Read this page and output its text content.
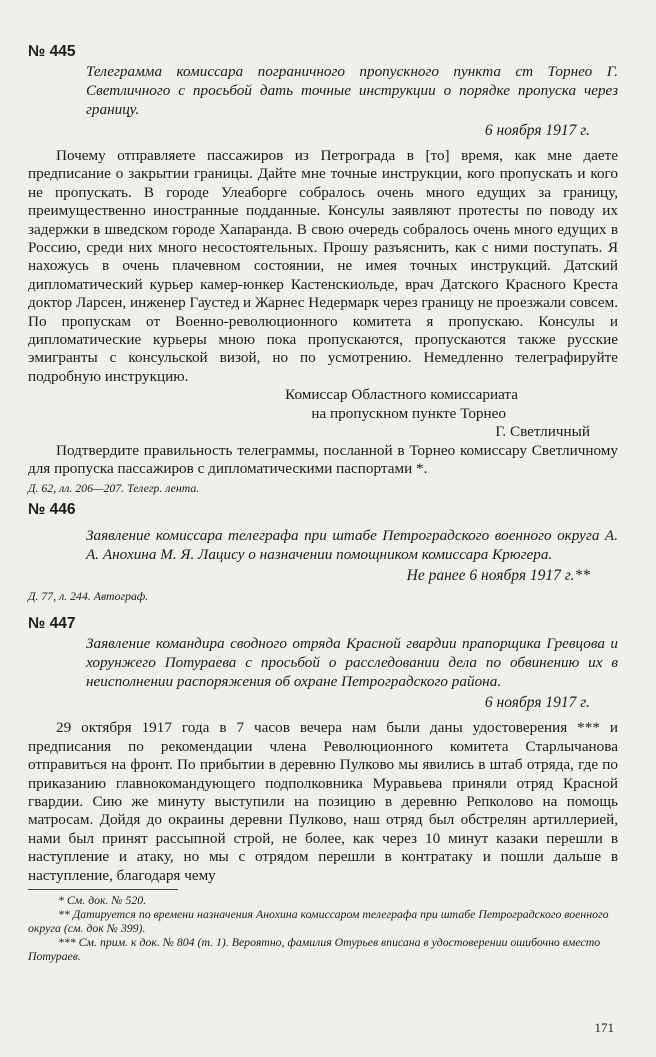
№ 445

Телеграмма комиссара пограничного пропускного пункта ст Торнео Г. Светличного с просьбой дать точные инструкции о порядке пропуска через границу.

6 ноября 1917 г.

Почему отправляете пассажиров из Петрограда в [то] время, как мне даете предписание о закрытии границы. Дайте мне точные инструкции, кого пропускать и кого не пропускать. В городе Улеаборге собралось очень много едущих за границу, преимущественно иностранные подданные. Консулы заявляют протесты по поводу их задержки в шведском городе Хапаранда. В свою очередь собралось очень много едущих в Россию, среди них много несостоятельных. Прошу разъяснить, как с ними поступать. Я нахожусь в очень плачевном состоянии, не имея точных инструкций. Датский дипломатический курьер камер-юнкер Кастенскиольде, врач Датского Красного Креста доктор Ларсен, инженер Гаустед и Жарнес Недермарк через границу не проезжали совсем. По пропускам от Военно-революционного комитета я пропускаю. Консулы и дипломатические курьеры мною пока пропускаются, пропускаются также русские эмигранты с консульской визой, но по усмотрению. Немедленно телеграфируйте подробную инструкцию.

Комиссар Областного комиссариата

на пропускном пункте Торнео

Г. Светличный

Подтвердите правильность телеграммы, посланной в Торнео комиссару Светличному для пропуска пассажиров с дипломатическими паспортами *.

Д. 62, лл. 206—207. Телегр. лента.
№ 446

Заявление комиссара телеграфа при штабе Петроградского военного округа А. А. Анохина М. Я. Лацису о назначении помощником комиссара Крюгера.

Не ранее 6 ноября 1917 г.**
Д. 77, л. 244. Автограф.
№ 447

Заявление командира сводного отряда Красной гвардии прапорщика Гревцова и хорунжего Потураева с просьбой о расследовании дела по обвинению их в неисполнении распоряжения об охране Петроградского района.

6 ноября 1917 г.

29 октября 1917 года в 7 часов вечера нам были даны удостоверения *** и предписания по рекомендации члена Революционного комитета Старлычанова отправиться на фронт. По прибытии в деревню Пулково мы явились в штаб отряда, где по приказанию главнокомандующего подполковника Муравьева приняли отряд Красной гвардии. Сию же минуту выступили на позицию в деревню Репколово на помощь матросам. Дойдя до окраины деревни Пулково, наш отряд был обстрелян артиллерией, нами был принят рассыпной строй, не более, как через 10 минут казаки перешли в наступление и атаку, но мы с отрядом перешли в контратаку и пошли дальше в наступление, благодаря чему

* См. док. № 520.

** Датируется по времени назначения Анохина комиссаром телеграфа при штабе Петроградского военного округа (см. док № 399).

*** См. прим. к док. № 804 (т. 1). Вероятно, фамилия Отурьев вписана в удостоверении ошибочно вместо Потураев.

171
